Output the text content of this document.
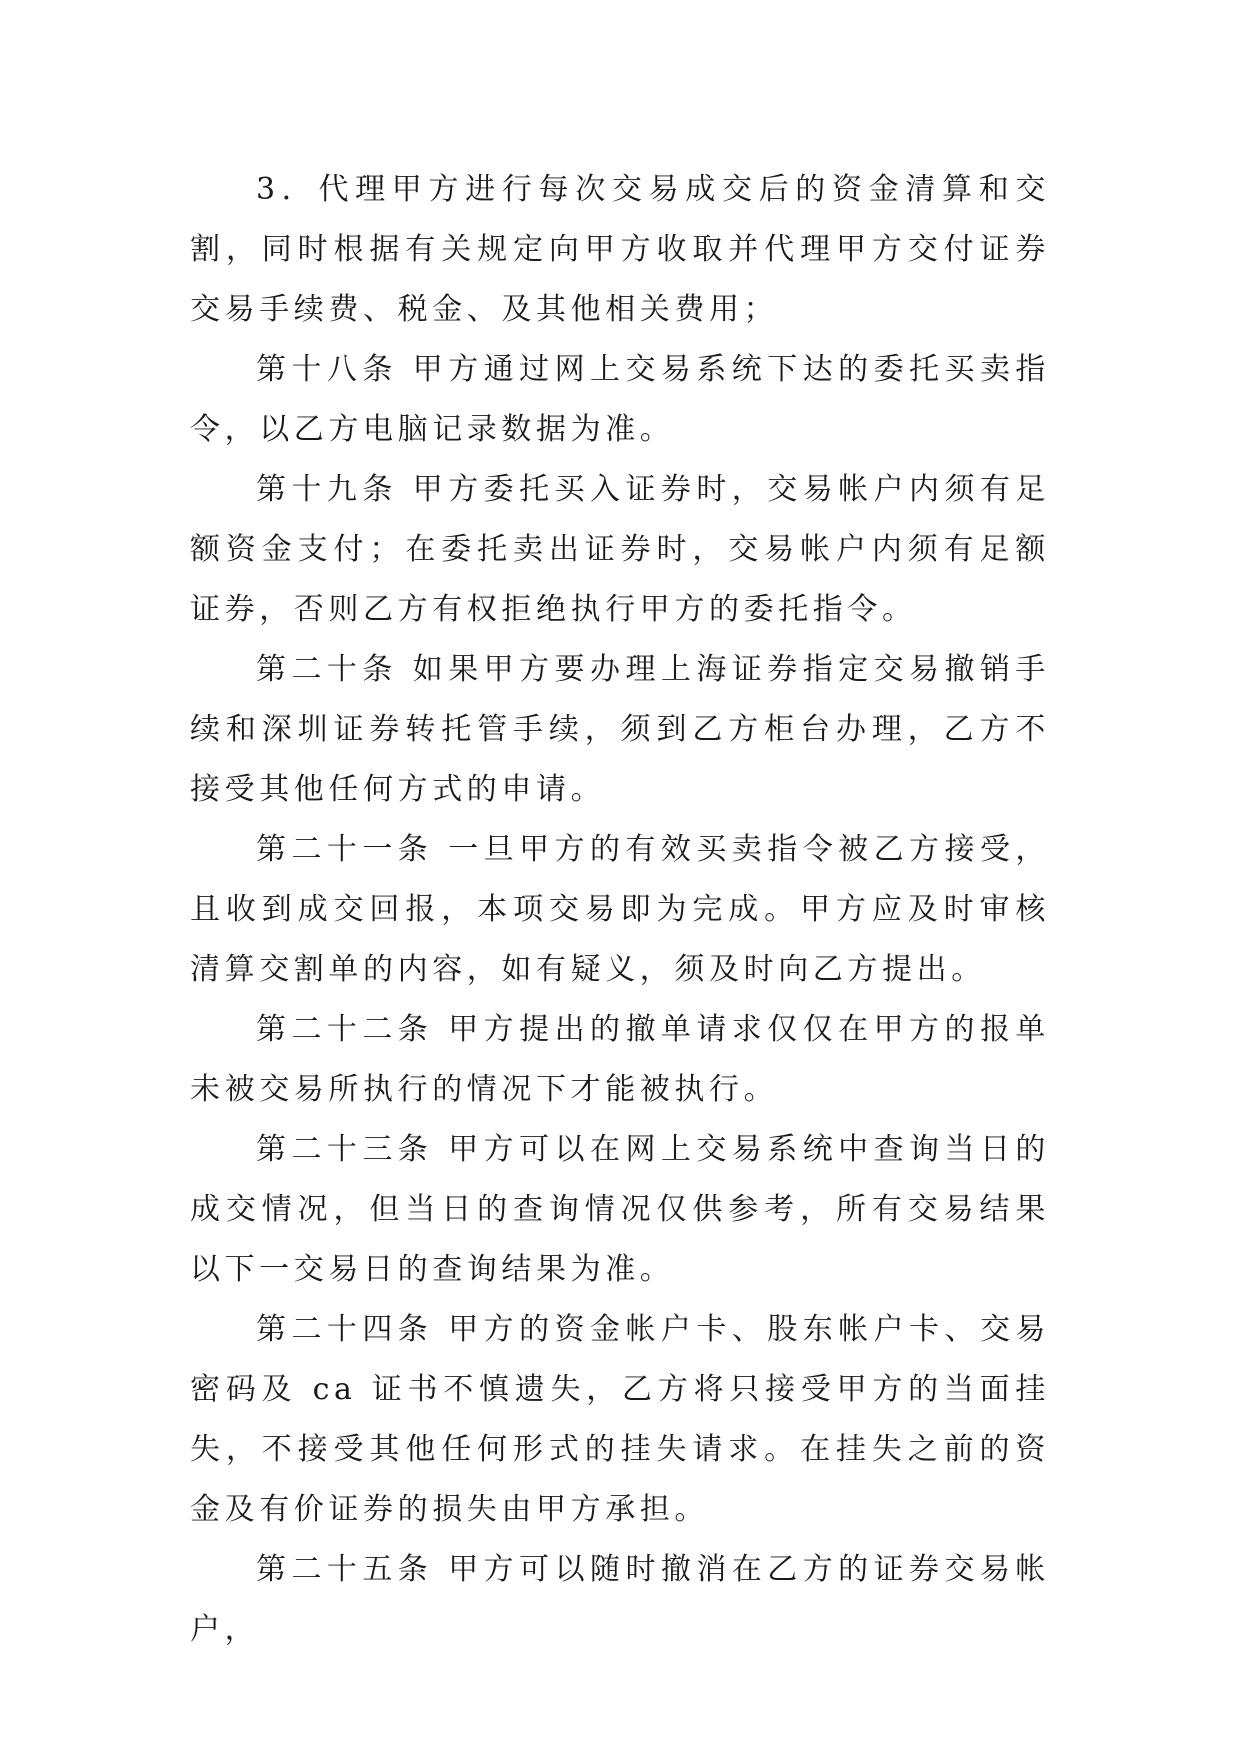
3．代理甲方进行每次交易成交后的资金清算和交割，同时根据有关规定向甲方收取并代理甲方交付证券交易手续费、税金、及其他相关费用；

第十八条 甲方通过网上交易系统下达的委托买卖指令，以乙方电脑记录数据为准。

第十九条 甲方委托买入证券时，交易帐户内须有足额资金支付；在委托卖出证券时，交易帐户内须有足额证券，否则乙方有权拒绝执行甲方的委托指令。

第二十条 如果甲方要办理上海证券指定交易撤销手续和深圳证券转托管手续，须到乙方柜台办理，乙方不接受其他任何方式的申请。

第二十一条 一旦甲方的有效买卖指令被乙方接受，且收到成交回报，本项交易即为完成。甲方应及时审核清算交割单的内容，如有疑义，须及时向乙方提出。

第二十二条 甲方提出的撤单请求仅仅在甲方的报单未被交易所执行的情况下才能被执行。

第二十三条 甲方可以在网上交易系统中查询当日的成交情况，但当日的查询情况仅供参考，所有交易结果以下一交易日的查询结果为准。

第二十四条 甲方的资金帐户卡、股东帐户卡、交易密码及 ca 证书不慎遗失，乙方将只接受甲方的当面挂失，不接受其他任何形式的挂失请求。在挂失之前的资金及有价证券的损失由甲方承担。

第二十五条 甲方可以随时撤消在乙方的证券交易帐户，
